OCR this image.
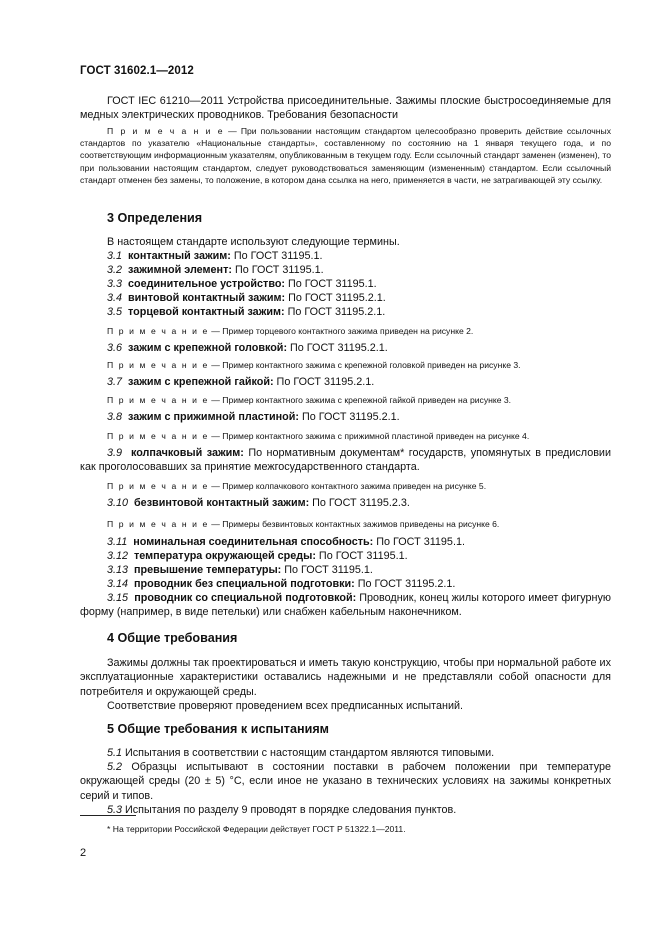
ГОСТ 31602.1—2012

ГОСТ IEC 61210—2011 Устройства присоединительные. Зажимы плоские быстросоединяемые для медных электрических проводников. Требования безопасности

П р и м е ч а н и е — При пользовании настоящим стандартом целесообразно проверить действие ссылочных стандартов по указателю «Национальные стандарты», составленному по состоянию на 1 января текущего года, и по соответствующим информационным указателям, опубликованным в текущем году. Если ссылочный стандарт заменен (изменен), то при пользовании настоящим стандартом, следует руководствоваться заменяющим (измененным) стандартом. Если ссылочный стандарт отменен без замены, то положение, в котором дана ссылка на него, применяется в части, не затрагивающей эту ссылку.

3 Определения

В настоящем стандарте используют следующие термины.

3.1 контактный зажим: По ГОСТ 31195.1.

3.2 зажимной элемент: По ГОСТ 31195.1.

3.3 соединительное устройство: По ГОСТ 31195.1.

3.4 винтовой контактный зажим: По ГОСТ 31195.2.1.

3.5 торцевой контактный зажим: По ГОСТ 31195.2.1.

П р и м е ч а н и е — Пример торцевого контактного зажима приведен на рисунке 2.

3.6 зажим с крепежной головкой: По ГОСТ 31195.2.1.

П р и м е ч а н и е — Пример контактного зажима с крепежной головкой приведен на рисунке 3.

3.7 зажим с крепежной гайкой: По ГОСТ 31195.2.1.

П р и м е ч а н и е — Пример контактного зажима с крепежной гайкой приведен на рисунке 3.

3.8 зажим с прижимной пластиной: По ГОСТ 31195.2.1.

П р и м е ч а н и е — Пример контактного зажима с прижимной пластиной приведен на рисунке 4.

3.9 колпачковый зажим: По нормативным документам* государств, упомянутых в предисловии как проголосовавших за принятие межгосударственного стандарта.

П р и м е ч а н и е — Пример колпачкового контактного зажима приведен на рисунке 5.

3.10 безвинтовой контактный зажим: По ГОСТ 31195.2.3.

П р и м е ч а н и е — Примеры безвинтовых контактных зажимов приведены на рисунке 6.

3.11 номинальная соединительная способность: По ГОСТ 31195.1.

3.12 температура окружающей среды: По ГОСТ 31195.1.

3.13 превышение температуры: По ГОСТ 31195.1.

3.14 проводник без специальной подготовки: По ГОСТ 31195.2.1.

3.15 проводник со специальной подготовкой: Проводник, конец жилы которого имеет фигурную форму (например, в виде петельки) или снабжен кабельным наконечником.

4 Общие требования

Зажимы должны так проектироваться и иметь такую конструкцию, чтобы при нормальной работе их эксплуатационные характеристики оставались надежными и не представляли собой опасности для потребителя и окружающей среды.

Соответствие проверяют проведением всех предписанных испытаний.

5 Общие требования к испытаниям

5.1 Испытания в соответствии с настоящим стандартом являются типовыми.

5.2 Образцы испытывают в состоянии поставки в рабочем положении при температуре окружающей среды (20 ± 5) °С, если иное не указано в технических условиях на зажимы конкретных серий и типов.

5.3 Испытания по разделу 9 проводят в порядке следования пунктов.

* На территории Российской Федерации действует ГОСТ Р 51322.1—2011.

2
